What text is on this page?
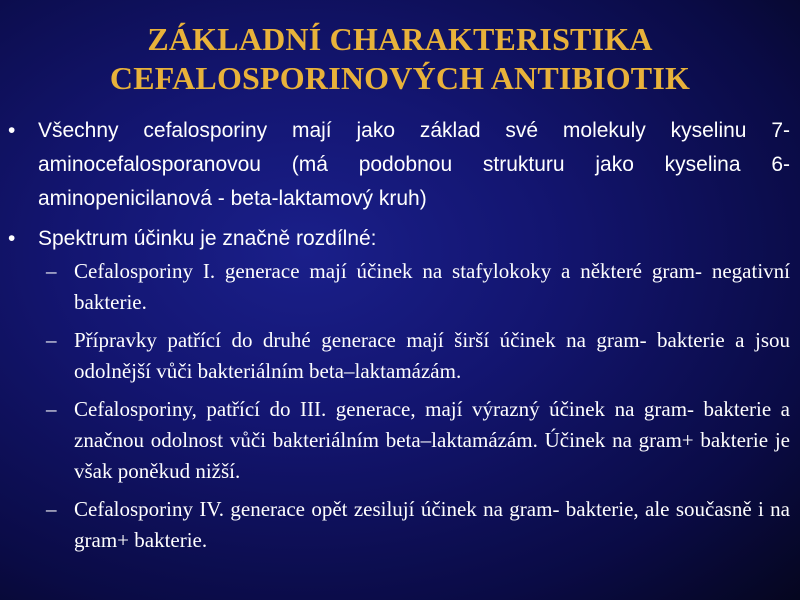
ZÁKLADNÍ CHARAKTERISTIKA
CEFALOSPORINOVÝCH ANTIBIOTIK
• Všechny cefalosporiny mají jako základ své molekuly kyselinu 7-aminocefalosporanovou (má podobnou strukturu jako kyselina 6-aminopenicilanová - beta-laktamový kruh)
• Spektrum účinku je značně rozdílné:
– Cefalosporiny I. generace mají účinek na stafylokoky a některé gram- negativní bakterie.
– Přípravky patřící do druhé generace mají širší účinek na gram- bakterie a jsou odolnější vůči bakteriálním beta–laktamázám.
– Cefalosporiny, patřící do III. generace, mají výrazný účinek na gram- bakterie a značnou odolnost vůči bakteriálním beta–laktamázám. Účinek na gram+ bakterie je však poněkud nižší.
– Cefalosporiny IV. generace opět zesilují účinek na gram- bakterie, ale současně i na gram+ bakterie.
